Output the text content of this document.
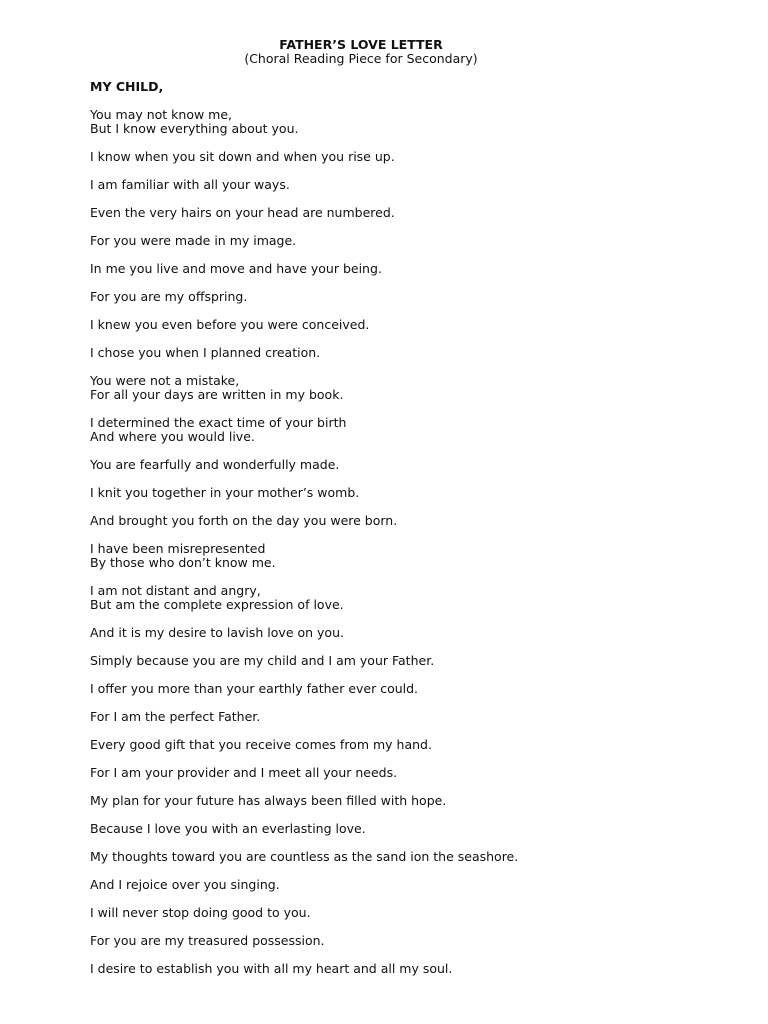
FATHER’S LOVE LETTER

(Choral Reading Piece for Secondary)

MY CHILD,

You may not know me,
But I know everything about you.

I know when you sit down and when you rise up.

I am familiar with all your ways.

Even the very hairs on your head are numbered.

For you were made in my image.

In me you live and move and have your being.

For you are my offspring.

I knew you even before you were conceived.

I chose you when I planned creation.

You were not a mistake,
For all your days are written in my book.

I determined the exact time of your birth
And where you would live.

You are fearfully and wonderfully made.

I knit you together in your mother’s womb.

And brought you forth on the day you were born.

I have been misrepresented
By those who don’t know me.

I am not distant and angry,
But am the complete expression of love.

And it is my desire to lavish love on you.

Simply because you are my child and I am your Father.

I offer you more than your earthly father ever could.

For I am the perfect Father.

Every good gift that you receive comes from my hand.

For I am your provider and I meet all your needs.

My plan for your future has always been filled with hope.

Because I love you with an everlasting love.

My thoughts toward you are countless as the sand ion the seashore.

And I rejoice over you singing.

I will never stop doing good to you.

For you are my treasured possession.

I desire to establish you with all my heart and all my soul.
